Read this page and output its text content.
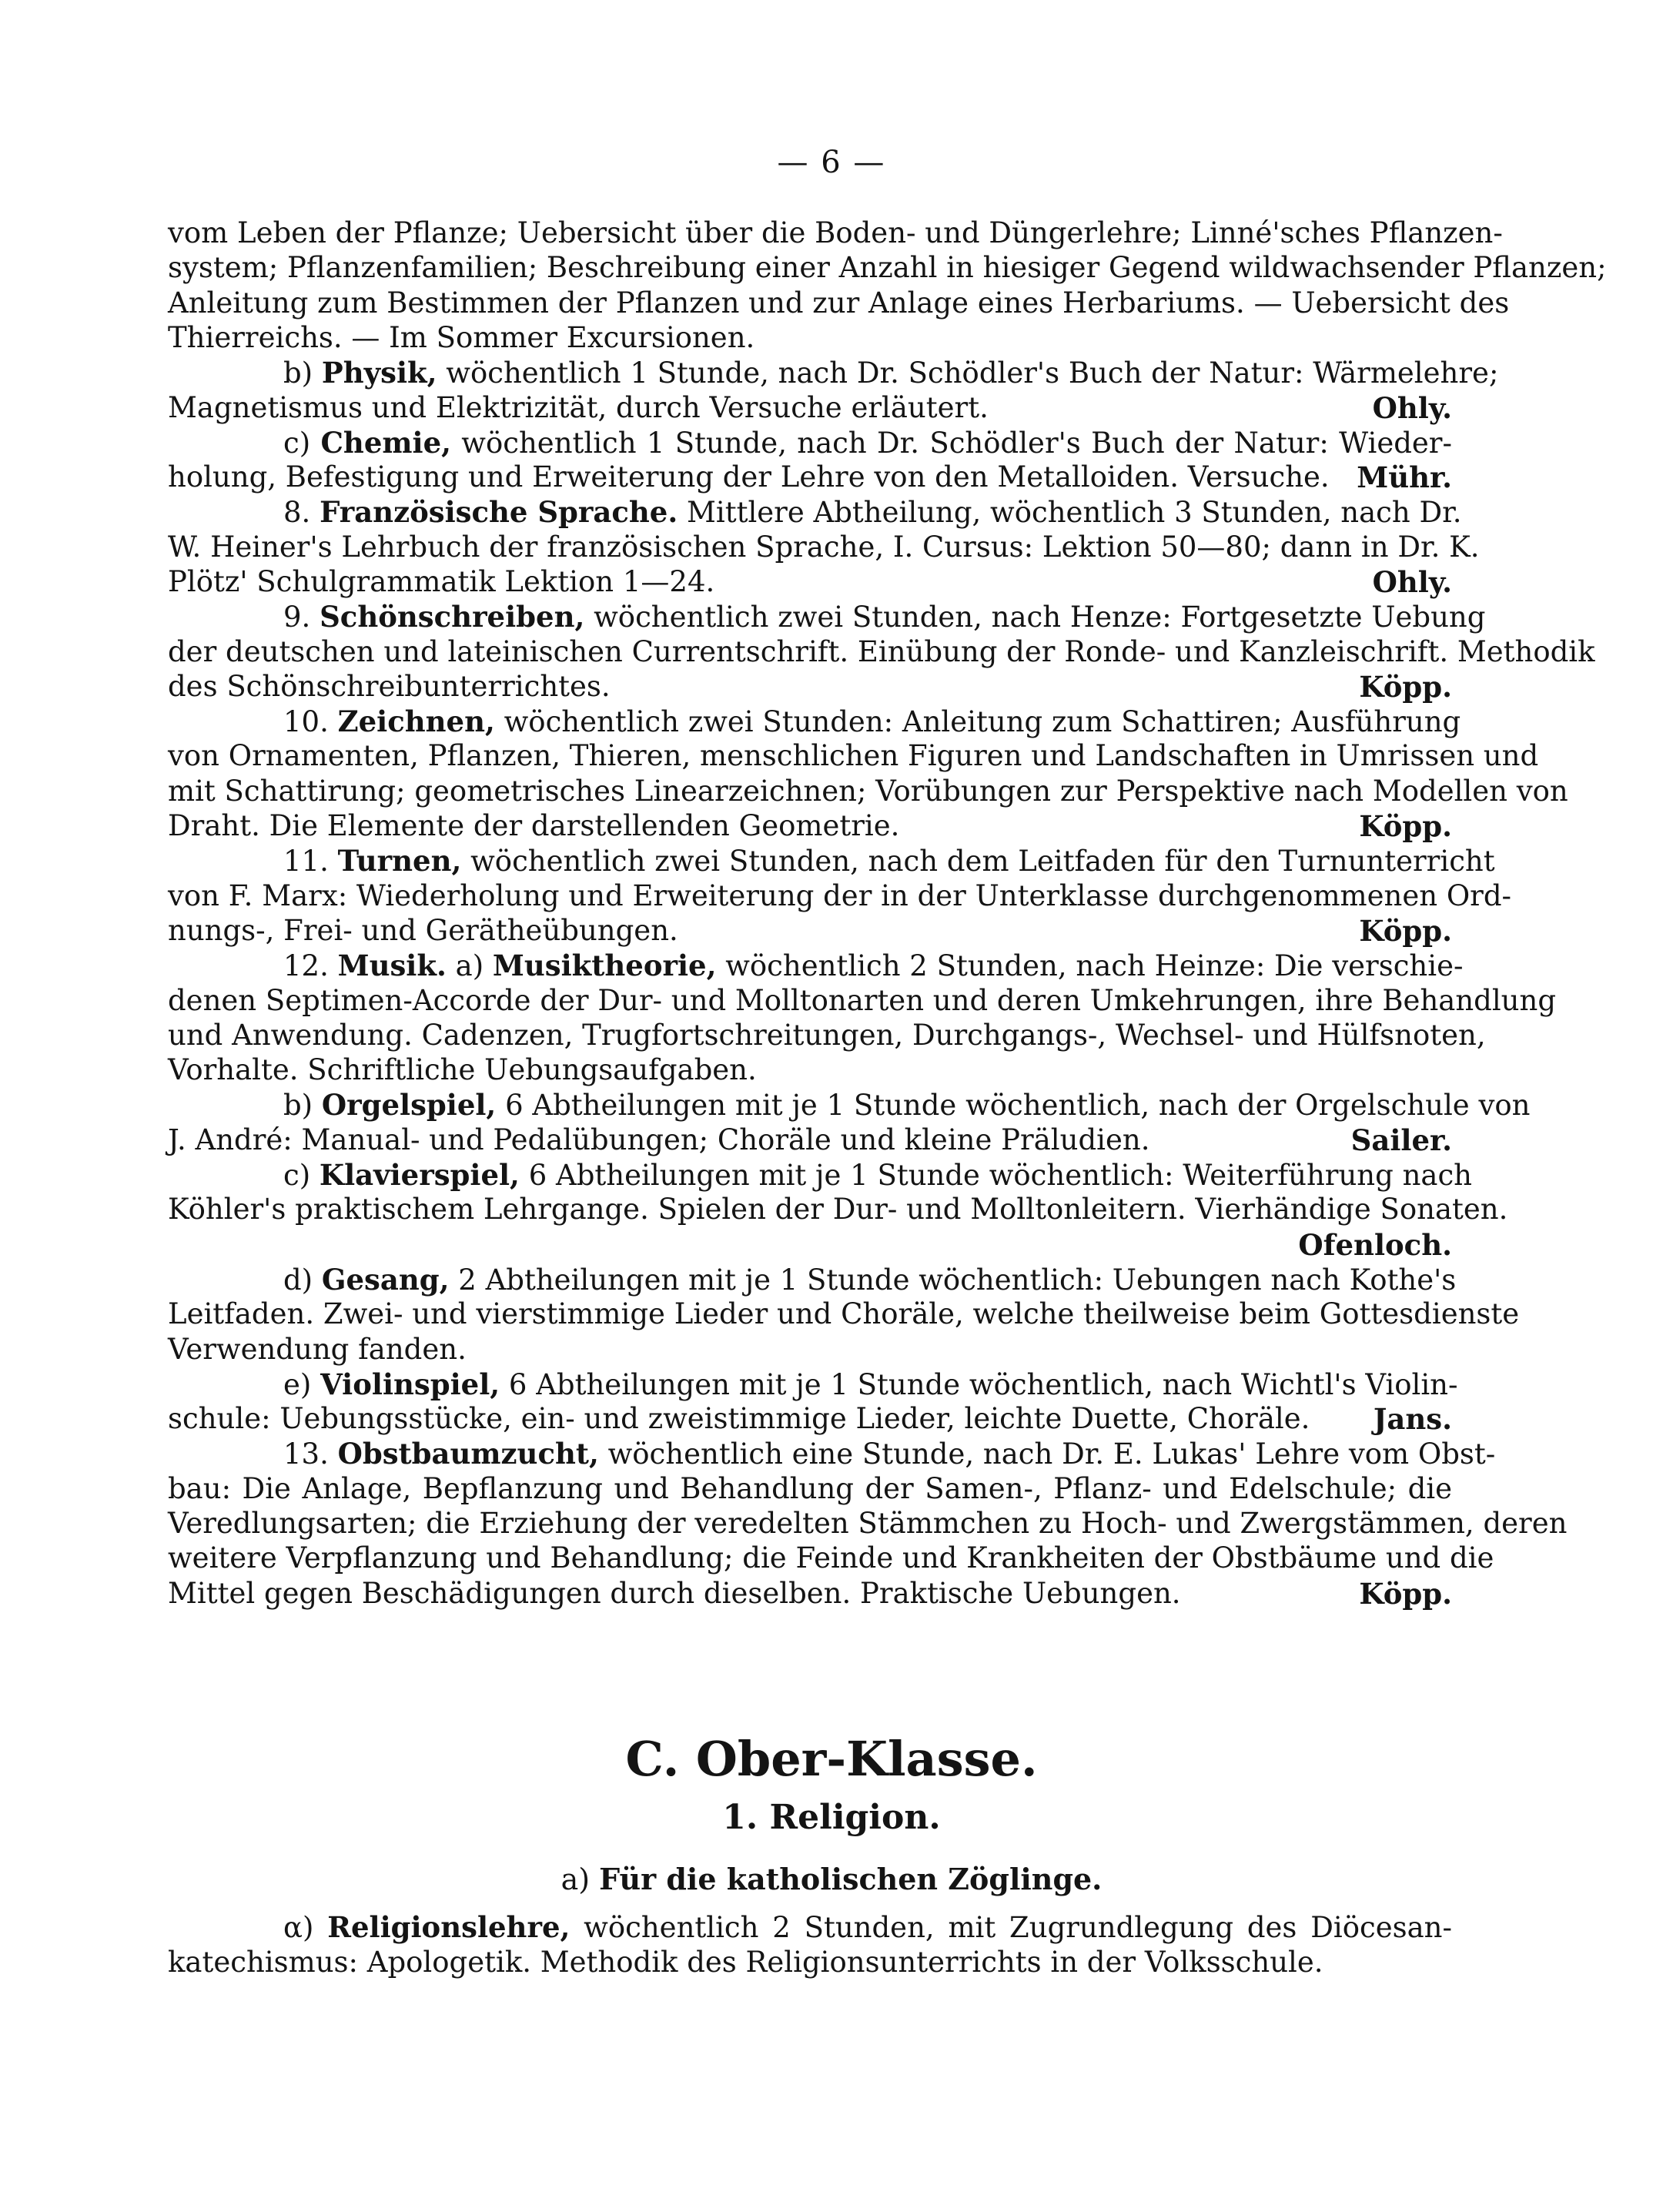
— 6 —
vom Leben der Pflanze; Uebersicht über die Boden- und Düngerlehre; Linné'sches Pflanzen-
system; Pflanzenfamilien; Beschreibung einer Anzahl in hiesiger Gegend wildwachsender Pflanzen;
Anleitung zum Bestimmen der Pflanzen und zur Anlage eines Herbariums. — Uebersicht des
Thierreichs. — Im Sommer Excursionen.
b) Physik, wöchentlich 1 Stunde, nach Dr. Schödler's Buch der Natur: Wärmelehre;
Ohly.
Magnetismus und Elektrizität, durch Versuche erläutert.
c) Chemie, wöchentlich 1 Stunde, nach Dr. Schödler's Buch der Natur: Wieder-
Mühr.
holung, Befestigung und Erweiterung der Lehre von den Metalloiden. Versuche.
8. Französische Sprache. Mittlere Abtheilung, wöchentlich 3 Stunden, nach Dr.
W. Heiner's Lehrbuch der französischen Sprache, I. Cursus: Lektion 50—80; dann in Dr. K.
Ohly.
Plötz' Schulgrammatik Lektion 1—24.
9. Schönschreiben, wöchentlich zwei Stunden, nach Henze: Fortgesetzte Uebung
der deutschen und lateinischen Currentschrift. Einübung der Ronde- und Kanzleischrift. Methodik
Köpp.
des Schönschreibunterrichtes.
10. Zeichnen, wöchentlich zwei Stunden: Anleitung zum Schattiren; Ausführung
von Ornamenten, Pflanzen, Thieren, menschlichen Figuren und Landschaften in Umrissen und
mit Schattirung; geometrisches Linearzeichnen; Vorübungen zur Perspektive nach Modellen von
Köpp.
Draht. Die Elemente der darstellenden Geometrie.
11. Turnen, wöchentlich zwei Stunden, nach dem Leitfaden für den Turnunterricht
von F. Marx: Wiederholung und Erweiterung der in der Unterklasse durchgenommenen Ord-
Köpp.
nungs-, Frei- und Gerätheübungen.
12. Musik. a) Musiktheorie, wöchentlich 2 Stunden, nach Heinze: Die verschie-
denen Septimen-Accorde der Dur- und Molltonarten und deren Umkehrungen, ihre Behandlung
und Anwendung. Cadenzen, Trugfortschreitungen, Durchgangs-, Wechsel- und Hülfsnoten,
Vorhalte. Schriftliche Uebungsaufgaben.
b) Orgelspiel, 6 Abtheilungen mit je 1 Stunde wöchentlich, nach der Orgelschule von
Sailer.
J. André: Manual- und Pedalübungen; Choräle und kleine Präludien.
c) Klavierspiel, 6 Abtheilungen mit je 1 Stunde wöchentlich: Weiterführung nach
Köhler's praktischem Lehrgange. Spielen der Dur- und Molltonleitern. Vierhändige Sonaten.
Ofenloch.
d) Gesang, 2 Abtheilungen mit je 1 Stunde wöchentlich: Uebungen nach Kothe's
Leitfaden. Zwei- und vierstimmige Lieder und Choräle, welche theilweise beim Gottesdienste
Verwendung fanden.
e) Violinspiel, 6 Abtheilungen mit je 1 Stunde wöchentlich, nach Wichtl's Violin-
Jans.
schule: Uebungsstücke, ein- und zweistimmige Lieder, leichte Duette, Choräle.
13. Obstbaumzucht, wöchentlich eine Stunde, nach Dr. E. Lukas' Lehre vom Obst-
bau: Die Anlage, Bepflanzung und Behandlung der Samen-, Pflanz- und Edelschule; die
Veredlungsarten; die Erziehung der veredelten Stämmchen zu Hoch- und Zwergstämmen, deren
weitere Verpflanzung und Behandlung; die Feinde und Krankheiten der Obstbäume und die
Köpp.
Mittel gegen Beschädigungen durch dieselben. Praktische Uebungen.
C. Ober-Klasse.
1. Religion.
a) Für die katholischen Zöglinge.
α) Religionslehre, wöchentlich 2 Stunden, mit Zugrundlegung des Diöcesan-
katechismus: Apologetik. Methodik des Religionsunterrichts in der Volksschule.
